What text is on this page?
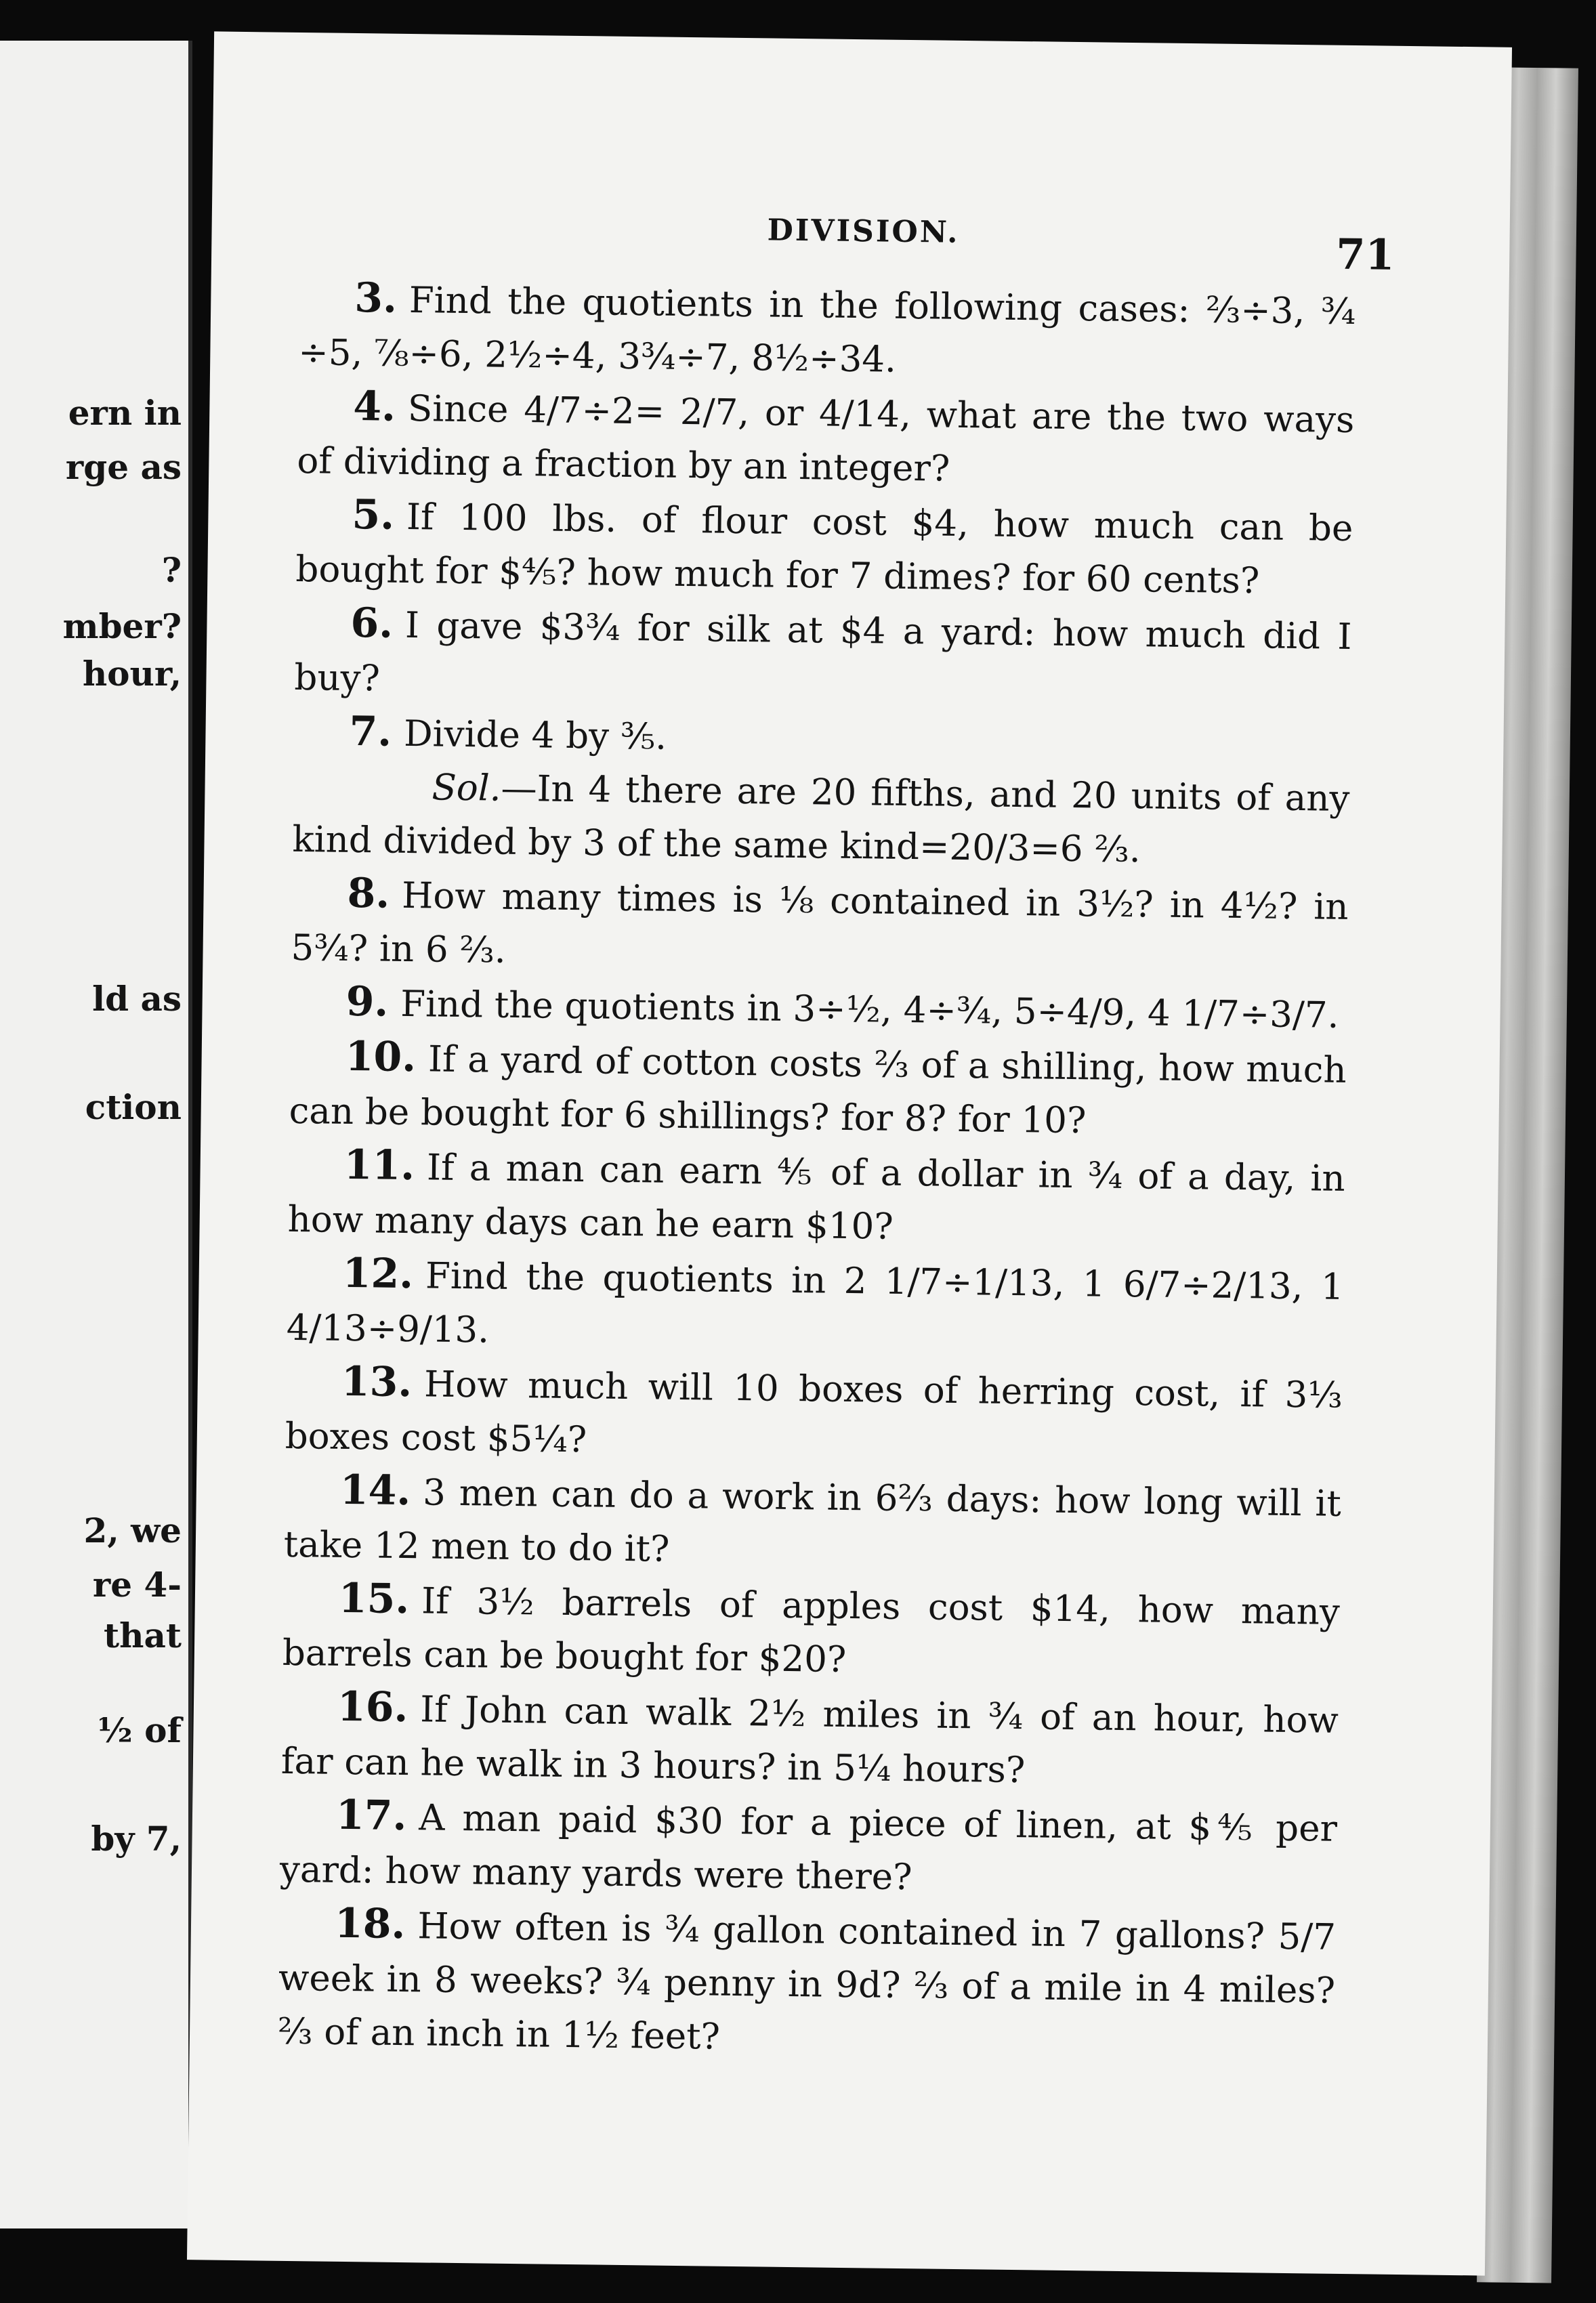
ern in
rge as
?
mber?
hour,
ld as
ction
2, we
re 4-
that
½ of
by 7,
DIVISION.	71

3. Find the quotients in the following cases: ⅔÷3, ¾ ÷5, ⅞÷6, 2½÷4, 3¾÷7, 8½÷34.

4. Since 4/7÷2= 2/7, or 4/14, what are the two ways of dividing a fraction by an integer?

5. If 100 lbs. of flour cost $4, how much can be bought for $⅘? how much for 7 dimes? for 60 cents?

6. I gave $3¾ for silk at $4 a yard: how much did I buy?

7. Divide 4 by ⅗.

Sol.—In 4 there are 20 fifths, and 20 units of any kind divided by 3 of the same kind=20/3=6 ⅔.

8. How many times is ⅛ contained in 3½? in 4½? in 5¾? in 6 ⅔.

9. Find the quotients in 3÷½, 4÷¾, 5÷4/9, 4 1/7÷3/7.

10. If a yard of cotton costs ⅔ of a shilling, how much can be bought for 6 shillings? for 8? for 10?

11. If a man can earn ⅘ of a dollar in ¾ of a day, in how many days can he earn $10?

12. Find the quotients in 2 1/7÷1/13, 1 6/7÷2/13, 1 4/13÷9/13.

13. How much will 10 boxes of herring cost, if 3⅓ boxes cost $5¼?

14. 3 men can do a work in 6⅔ days: how long will it take 12 men to do it?

15. If 3½ barrels of apples cost $14, how many barrels can be bought for $20?

16. If John can walk 2½ miles in ¾ of an hour, how far can he walk in 3 hours? in 5¼ hours?

17. A man paid $30 for a piece of linen, at $⅘ per yard: how many yards were there?

18. How often is ¾ gallon contained in 7 gallons? 5/7 week in 8 weeks? ¾ penny in 9d? ⅔ of a mile in 4 miles? ⅔ of an inch in 1½ feet?
